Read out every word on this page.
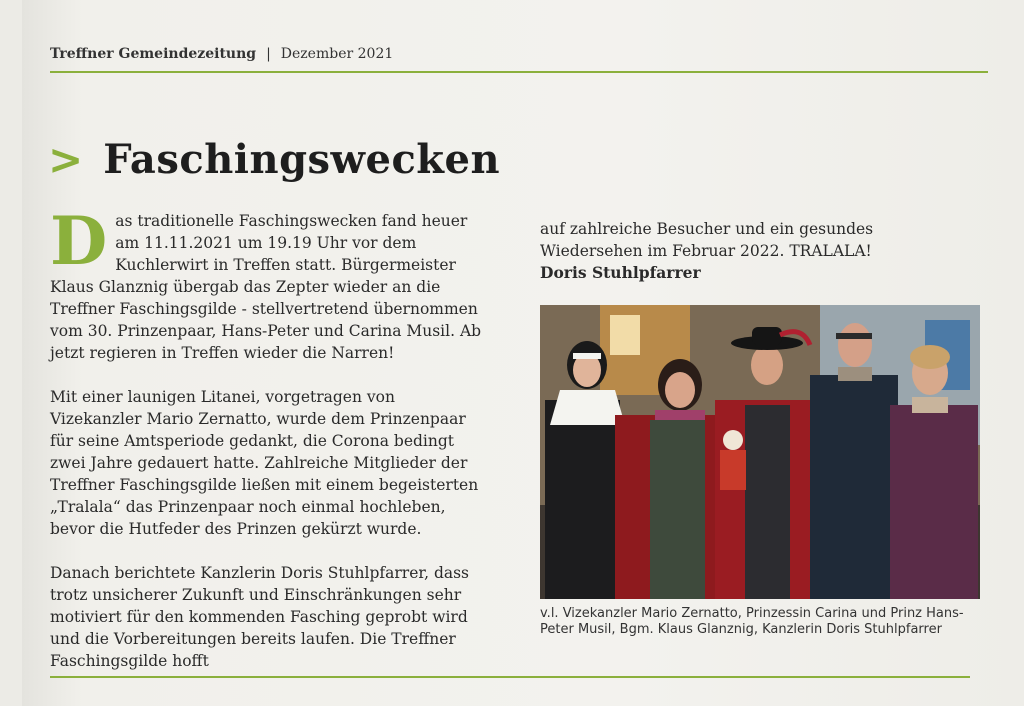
Treffner Gemeindezeitung | Dezember 2021
> Faschingswecken

Das traditionelle Faschingswecken fand heuer am 11.11.2021 um 19.19 Uhr vor dem Kuchlerwirt in Treffen statt. Bürgermeister Klaus Glanznig übergab das Zepter wieder an die Treffner Faschingsgilde - stellvertretend übernommen vom 30. Prinzenpaar, Hans-Peter und Carina Musil. Ab jetzt regieren in Treffen wieder die Narren!

Mit einer launigen Litanei, vorgetragen von Vizekanzler Mario Zernatto, wurde dem Prinzenpaar für seine Amtsperiode gedankt, die Corona bedingt zwei Jahre gedauert hatte. Zahlreiche Mitglieder der Treffner Faschingsgilde ließen mit einem begeisterten „Tralala“ das Prinzenpaar noch einmal hochleben, bevor die Hutfeder des Prinzen gekürzt wurde.

Danach berichtete Kanzlerin Doris Stuhlpfarrer, dass trotz unsicherer Zukunft und Einschränkungen sehr motiviert für den kommenden Fasching geprobt wird und die Vorbereitungen bereits laufen. Die Treffner Faschingsgilde hofft

auf zahlreiche Besucher und ein gesundes Wiedersehen im Februar 2022. TRALALA!

Doris Stuhlpfarrer

v.l. Vizekanzler Mario Zernatto, Prinzessin Carina und Prinz Hans-Peter Musil, Bgm. Klaus Glanznig, Kanzlerin Doris Stuhlpfarrer
